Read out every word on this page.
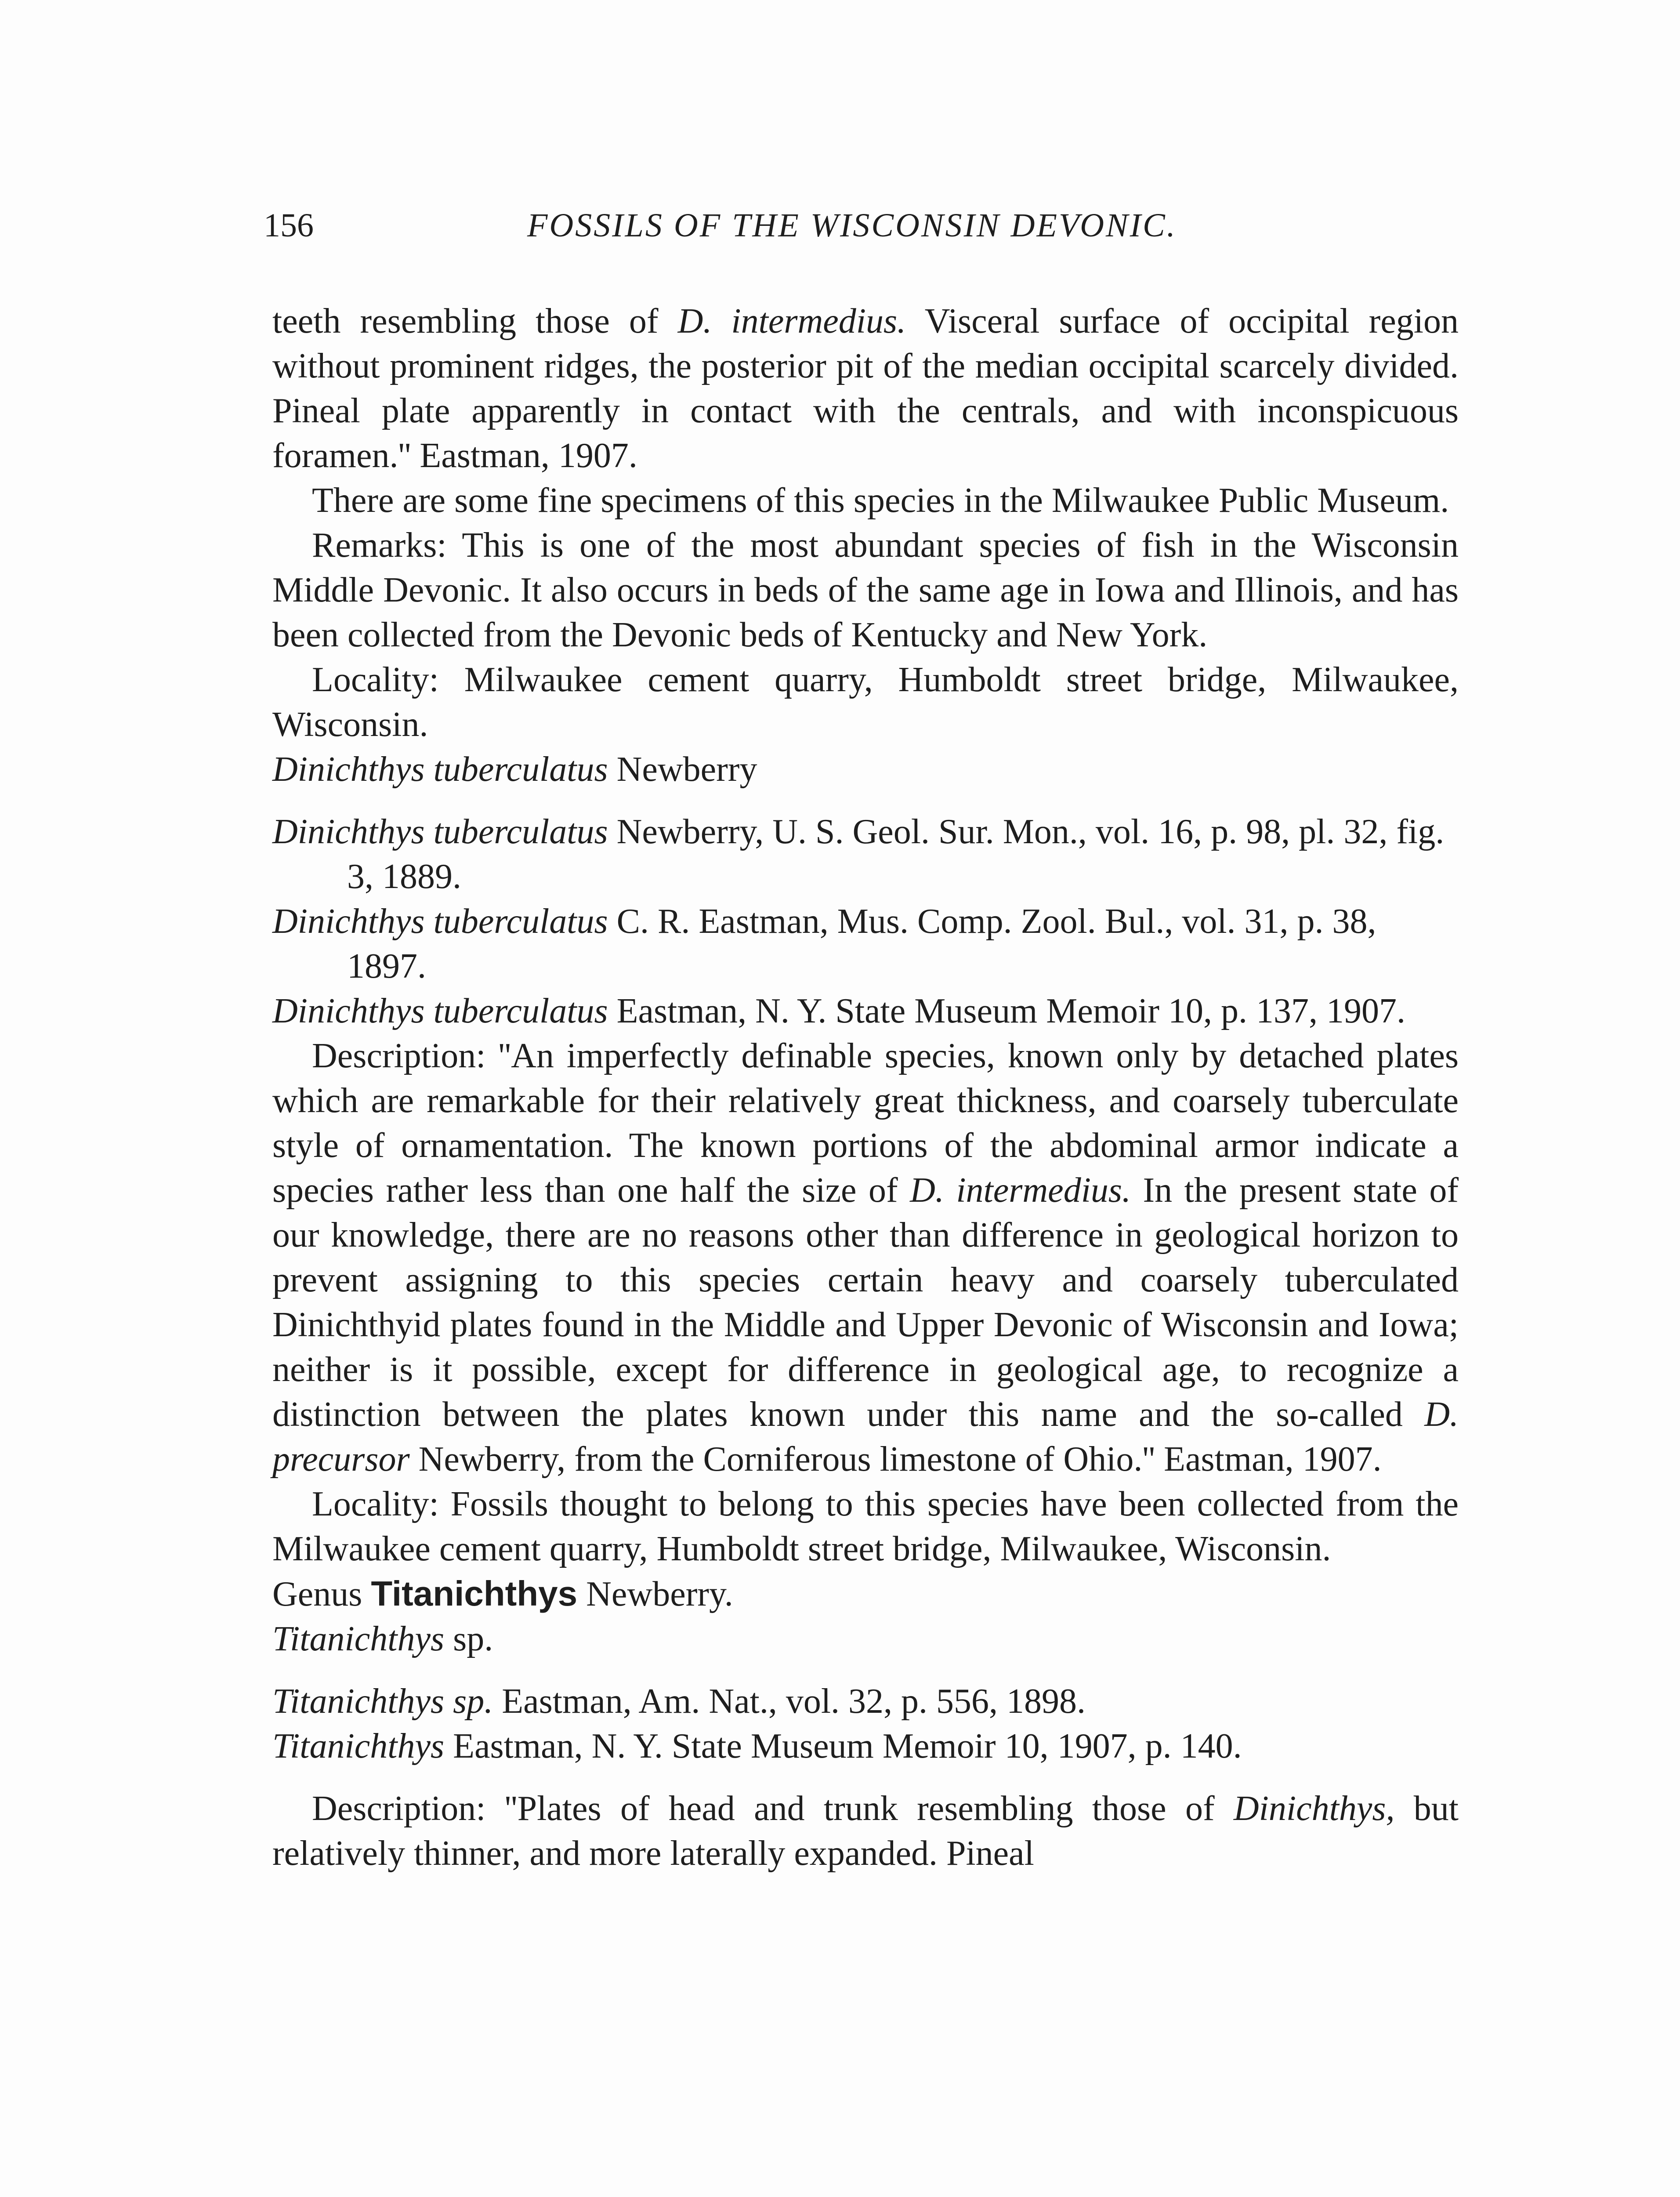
156	FOSSILS OF THE WISCONSIN DEVONIC.

teeth resembling those of D. intermedius. Visceral surface of occipital region without prominent ridges, the posterior pit of the median occipital scarcely divided. Pineal plate apparently in contact with the centrals, and with inconspicuous foramen.'' Eastman, 1907.

There are some fine specimens of this species in the Milwaukee Public Museum.

Remarks: This is one of the most abundant species of fish in the Wisconsin Middle Devonic. It also occurs in beds of the same age in Iowa and Illinois, and has been collected from the Devonic beds of Kentucky and New York.

Locality: Milwaukee cement quarry, Humboldt street bridge, Milwaukee, Wisconsin.

Dinichthys tuberculatus Newberry

Dinichthys tuberculatus Newberry, U. S. Geol. Sur. Mon., vol. 16, p. 98, pl. 32, fig. 3, 1889.

Dinichthys tuberculatus C. R. Eastman, Mus. Comp. Zool. Bul., vol. 31, p. 38, 1897.

Dinichthys tuberculatus Eastman, N. Y. State Museum Memoir 10, p. 137, 1907.

Description: ''An imperfectly definable species, known only by detached plates which are remarkable for their relatively great thickness, and coarsely tuberculate style of ornamentation. The known portions of the abdominal armor indicate a species rather less than one half the size of D. intermedius. In the present state of our knowledge, there are no reasons other than difference in geological horizon to prevent assigning to this species certain heavy and coarsely tuberculated Dinichthyid plates found in the Middle and Upper Devonic of Wisconsin and Iowa; neither is it possible, except for difference in geological age, to recognize a distinction between the plates known under this name and the so-called D. precursor Newberry, from the Corniferous limestone of Ohio.'' Eastman, 1907.

Locality: Fossils thought to belong to this species have been collected from the Milwaukee cement quarry, Humboldt street bridge, Milwaukee, Wisconsin.

Genus Titanichthys Newberry.

Titanichthys sp.

Titanichthys sp. Eastman, Am. Nat., vol. 32, p. 556, 1898.

Titanichthys Eastman, N. Y. State Museum Memoir 10, 1907, p. 140.

Description: ''Plates of head and trunk resembling those of Dinichthys, but relatively thinner, and more laterally expanded. Pineal
